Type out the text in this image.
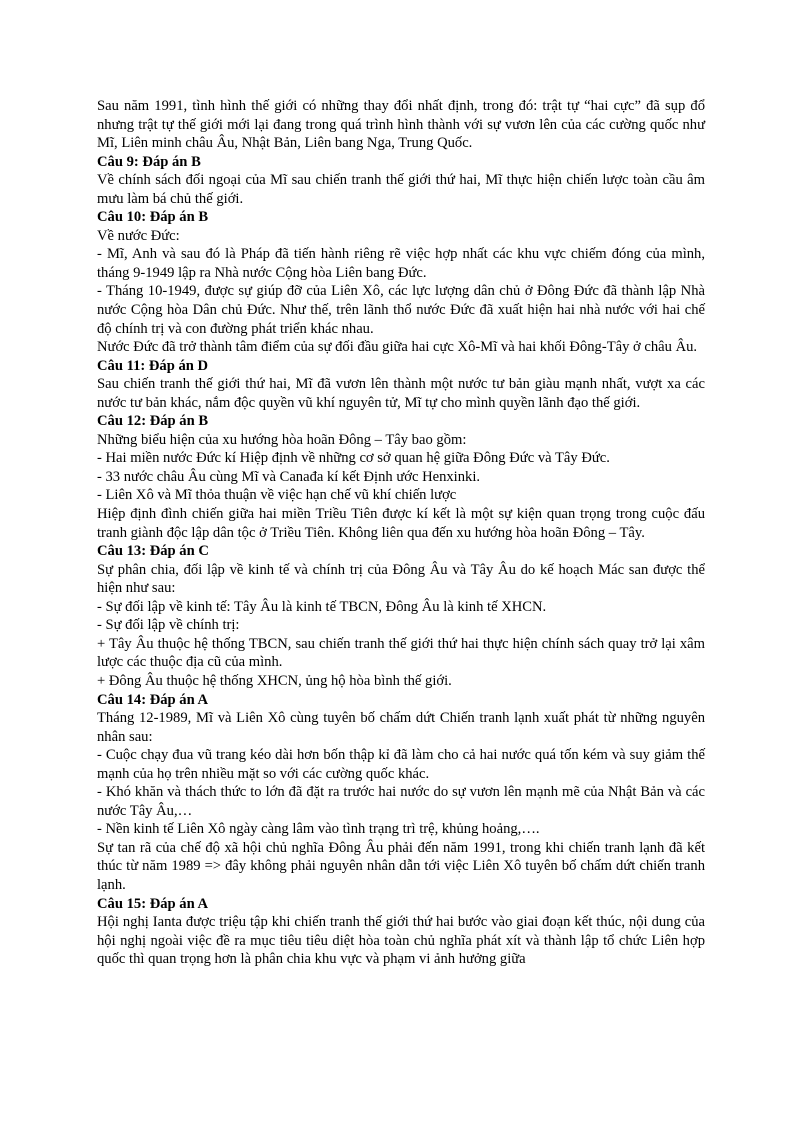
Sau năm 1991, tình hình thế giới có những thay đổi nhất định, trong đó: trật tự “hai cực” đã sụp đổ nhưng trật tự thế giới mới lại đang trong quá trình hình thành với sự vươn lên của các cường quốc như Mĩ, Liên minh châu Âu, Nhật Bản, Liên bang Nga, Trung Quốc.

Câu 9: Đáp án B

Về chính sách đối ngoại của Mĩ sau chiến tranh thế giới thứ hai, Mĩ thực hiện chiến lược toàn cầu âm mưu làm bá chủ thế giới.

Câu 10: Đáp án B

Về nước Đức:

- Mĩ, Anh và sau đó là Pháp đã tiến hành riêng rẽ việc hợp nhất các khu vực chiếm đóng của mình, tháng 9-1949 lập ra Nhà nước Cộng hòa Liên bang Đức.

- Tháng 10-1949, được sự giúp đỡ của Liên Xô, các lực lượng dân chủ ở Đông Đức đã thành lập Nhà nước Cộng hòa Dân chủ Đức. Như thế, trên lãnh thổ nước Đức đã xuất hiện hai nhà nước với hai chế độ chính trị và con đường phát triển khác nhau.

Nước Đức đã trở thành tâm điểm của sự đối đầu giữa hai cực Xô-Mĩ và hai khối Đông-Tây ở châu Âu.

Câu 11: Đáp án D

Sau chiến tranh thế giới thứ hai, Mĩ đã vươn lên thành một nước tư bản giàu mạnh nhất, vượt xa các nước tư bản khác, nắm độc quyền vũ khí nguyên tử, Mĩ tự cho mình quyền lãnh đạo thế giới.

Câu 12: Đáp án B

Những biểu hiện của xu hướng hòa hoãn Đông – Tây bao gồm:

- Hai miền nước Đức kí Hiệp định về những cơ sở quan hệ giữa Đông Đức và Tây Đức.

- 33 nước châu Âu cùng Mĩ và Canađa kí kết Định ước Henxinki.

- Liên Xô và Mĩ thỏa thuận về việc hạn chế vũ khí chiến lược

Hiệp định đình chiến giữa hai miền Triều Tiên được kí kết là một sự kiện quan trọng trong cuộc đấu tranh giành độc lập dân tộc ở Triều Tiên. Không liên qua đến xu hướng hòa hoãn Đông – Tây.

Câu 13: Đáp án C

Sự phân chia, đối lập về kinh tế và chính trị của Đông Âu và Tây Âu do kế hoạch Mác san được thể hiện như sau:

- Sự đối lập về kinh tế: Tây Âu là kinh tế TBCN, Đông Âu là kinh tế XHCN.

- Sự đối lập về chính trị:

+ Tây Âu thuộc hệ thống TBCN, sau chiến tranh thế giới thứ hai thực hiện chính sách quay trở lại xâm lược các thuộc địa cũ của mình.

+ Đông Âu thuộc hệ thống XHCN, ủng hộ hòa bình thế giới.

Câu 14: Đáp án A

Tháng 12-1989, Mĩ và Liên Xô cùng tuyên bố chấm dứt Chiến tranh lạnh xuất phát từ những nguyên nhân sau:

- Cuộc chạy đua vũ trang kéo dài hơn bốn thập kỉ đã làm cho cả hai nước quá tốn kém và suy giảm thế mạnh của họ trên nhiều mặt so với các cường quốc khác.

- Khó khăn và thách thức to lớn đã đặt ra trước hai nước do sự vươn lên mạnh mẽ của Nhật Bản và các nước Tây Âu,…

- Nền kinh tế Liên Xô ngày càng lâm vào tình trạng trì trệ, khủng hoảng,….

Sự tan rã của chế độ xã hội chủ nghĩa Đông Âu phải đến năm 1991, trong khi chiến tranh lạnh đã kết thúc từ năm 1989 => đây không phải nguyên nhân dẫn tới việc Liên Xô tuyên bố chấm dứt chiến tranh lạnh.

Câu 15: Đáp án A

Hội nghị Ianta được triệu tập khi chiến tranh thế giới thứ hai bước vào giai đoạn kết thúc, nội dung của hội nghị ngoài việc đề ra mục tiêu tiêu diệt hòa toàn chủ nghĩa phát xít và thành lập tổ chức Liên hợp quốc thì quan trọng hơn là phân chia khu vực và phạm vi ảnh hưởng giữa
